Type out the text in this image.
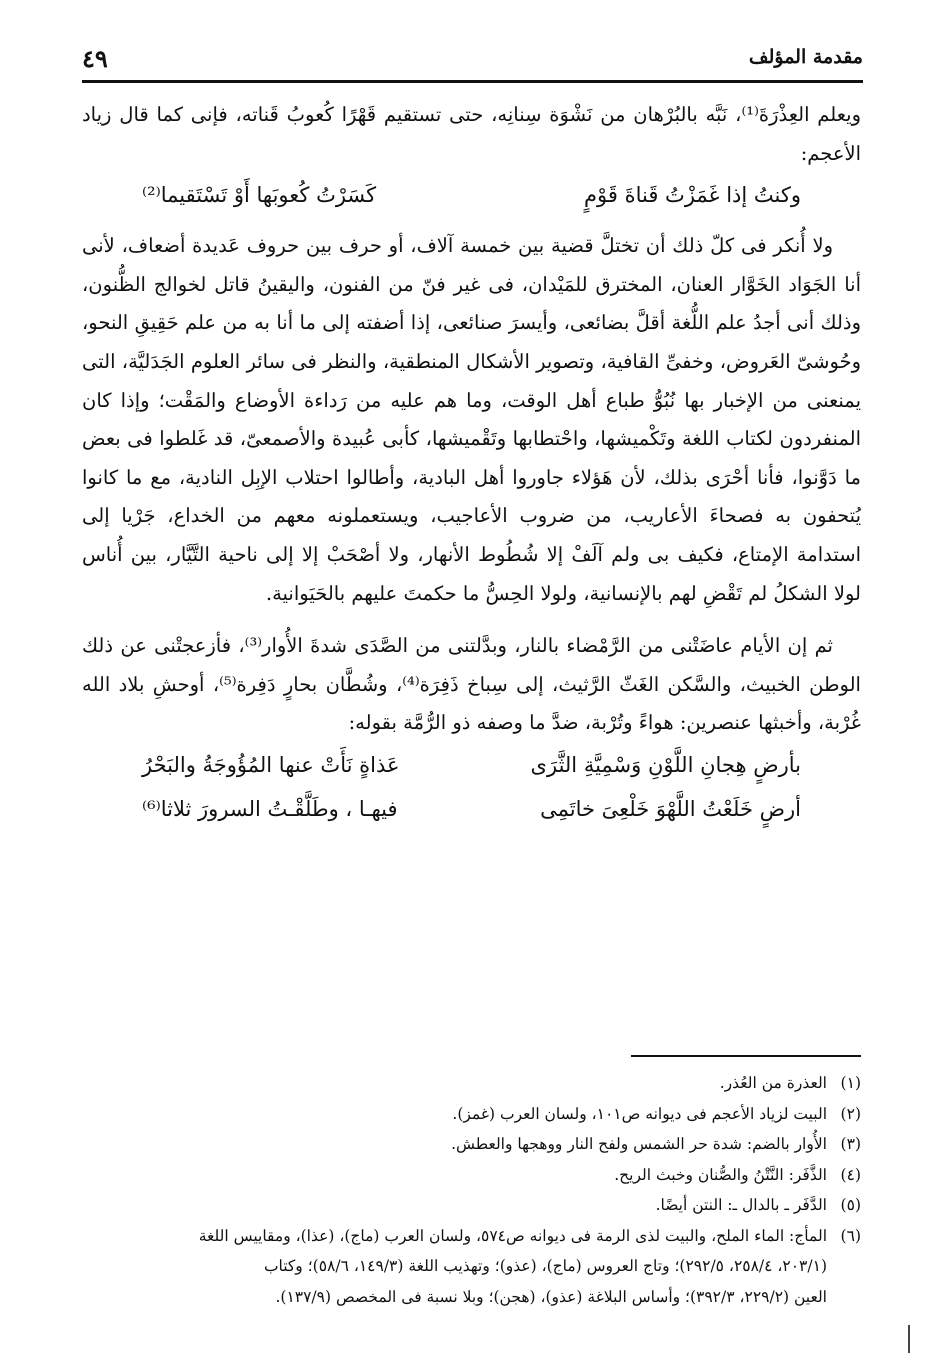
مقدمة المؤلف
٤٩

ويعلم العِذْرَةَ⁽¹⁾، نَبَّه بالبُرْهان من نَشْوَة سِنانِه، حتى تستقيم قَهْرًا كُعوبُ قَناته، فإنى كما قال زياد الأعجم:

وكنتُ إذا غَمَزْتُ قَناةَ قَوْمٍ
كَسَرْتُ كُعوبَها أَوْ تَسْتَقيما⁽²⁾

ولا أُنكر فى كلّ ذلك أن تختلَّ قضية بين خمسة آلاف، أو حرف بين حروف عَديدة أضعاف، لأنى أنا الجَوَاد الخَوَّار العنان، المخترق للمَيْدان، فى غير فنّ من الفنون، واليقينُ قاتل لخوالج الظُّنون، وذلك أنى أجدُ علم اللُّغة أقلَّ بضائعى، وأيسرَ صنائعى، إذا أضفته إلى ما أنا به من علم حَقِيقِ النحو، وحُوشىّ العَروض، وخفىِّ القافية، وتصوير الأشكال المنطقية، والنظر فى سائر العلوم الجَدَليَّة، التى يمنعنى من الإخبار بها نُبُوُّ طباع أهل الوقت، وما هم عليه من رَداءة الأوضاع والمَقْت؛ وإذا كان المنفردون لكتاب اللغة وتَكْميشها، واحْتطابها وتَقْميشها، كأبى عُبيدة والأصمعىّ، قد غَلطوا فى بعض ما دَوَّنوا، فأنا أحْرَى بذلك، لأن هَؤلاء جاوروا أهل البادية، وأطالوا احتلاب الإبِل النادية، مع ما كانوا يُتحفون به فصحاءَ الأعاريب، من ضروب الأعاجيب، ويستعملونه معهم من الخداع، جَرْيا إلى استدامة الإمتاع، فكيف بى ولم آلَفْ إلا شُطُوط الأنهار، ولا أصْحَبْ إلا إلى ناحية التَّيَّار، بين أُناس لولا الشكلُ لم تَقْضِ لهم بالإنسانية، ولولا الحِسُّ ما حكمتَ عليهم بالحَيَوانية.

ثم إن الأيام عاضَتْنى من الرَّمْضاء بالنار، وبدَّلتنى من الصَّدَى شدةَ الأُوار⁽³⁾، فأزعجتْنى عن ذلك الوطن الخبيث، والسَّكن الغَثّ الرَّثيث، إلى سِباخ ذَفِرَة⁽⁴⁾، وشُطَّان بحارٍ دَفِرة⁽⁵⁾، أوحشِ بلاد الله غُرْبة، وأخبثها عنصرين: هواءً وتُرْبة، ضدَّ ما وصفه ذو الرُّمَّة بقوله:

بأرضٍ هِجانِ اللَّوْنِ وَسْمِيَّةِ الثَّرَى
عَذاةٍ نَأَتْ عنها المُؤُوجَةُ والبَحْرُ
أرضٍ خَلَعْتُ اللَّهْوَ خَلْعِىَ خاتَمِى
فيهـا ، وطَلَّقْـتُ السرورَ ثلاثا⁽⁶⁾

(١)
العذرة من العُذر.

(٢)
البيت لزياد الأعجم فى ديوانه ص١٠١، ولسان العرب (غمز).

(٣)
الأُوار بالضم: شدة حر الشمس ولفح النار ووهجها والعطش.

(٤)
الذَّفَر: النَّتْنُ والصُّنان وخبث الريح.

(٥)
الدَّفَر ـ بالدال ـ: النتن أيضًا.

(٦)
المأج: الماء الملح، والبيت لذى الرمة فى ديوانه ص٥٧٤، ولسان العرب (ماج)، (عذا)، ومقاييس اللغة

(٢٠٣/١، ٢٥٨/٤، ٢٩٢/٥)؛ وتاج العروس (ماج)، (عذو)؛ وتهذيب اللغة (١٤٩/٣، ٥٨/٦)؛ وكتاب

العين (٢٢٩/٢، ٣٩٢/٣)؛ وأساس البلاغة (عذو)، (هجن)؛ وبلا نسبة فى المخصص (١٣٧/٩).
